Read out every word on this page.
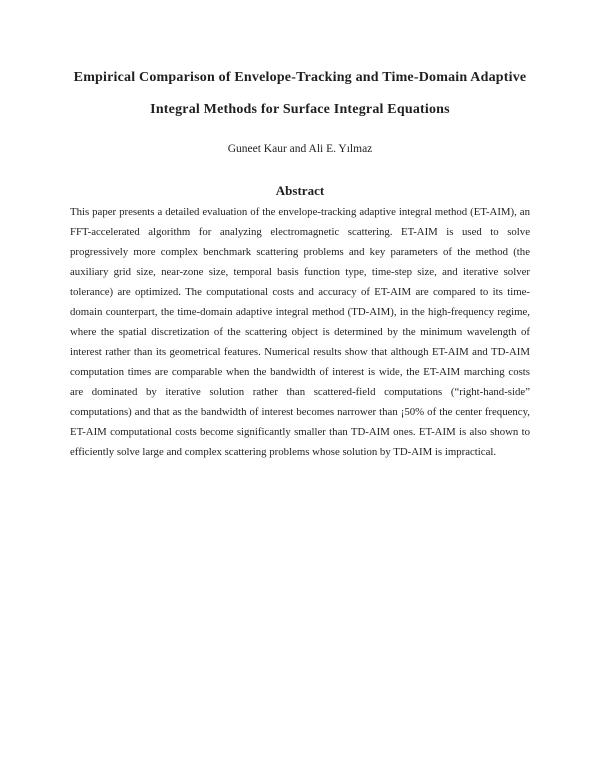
Empirical Comparison of Envelope-Tracking and Time-Domain Adaptive
Integral Methods for Surface Integral Equations
Guneet Kaur and Ali E. Yılmaz
Abstract

This paper presents a detailed evaluation of the envelope-tracking adaptive integral method (ET-AIM), an FFT-accelerated algorithm for analyzing electromagnetic scattering. ET-AIM is used to solve progressively more complex benchmark scattering problems and key parameters of the method (the auxiliary grid size, near-zone size, temporal basis function type, time-step size, and iterative solver tolerance) are optimized. The computational costs and accuracy of ET-AIM are compared to its time-domain counterpart, the time-domain adaptive integral method (TD-AIM), in the high-frequency regime, where the spatial discretization of the scattering object is determined by the minimum wavelength of interest rather than its geometrical features. Numerical results show that although ET-AIM and TD-AIM computation times are comparable when the bandwidth of interest is wide, the ET-AIM marching costs are dominated by iterative solution rather than scattered-field computations (“right-hand-side” computations) and that as the bandwidth of interest becomes narrower than ¡50% of the center frequency, ET-AIM computational costs become significantly smaller than TD-AIM ones. ET-AIM is also shown to efficiently solve large and complex scattering problems whose solution by TD-AIM is impractical.
